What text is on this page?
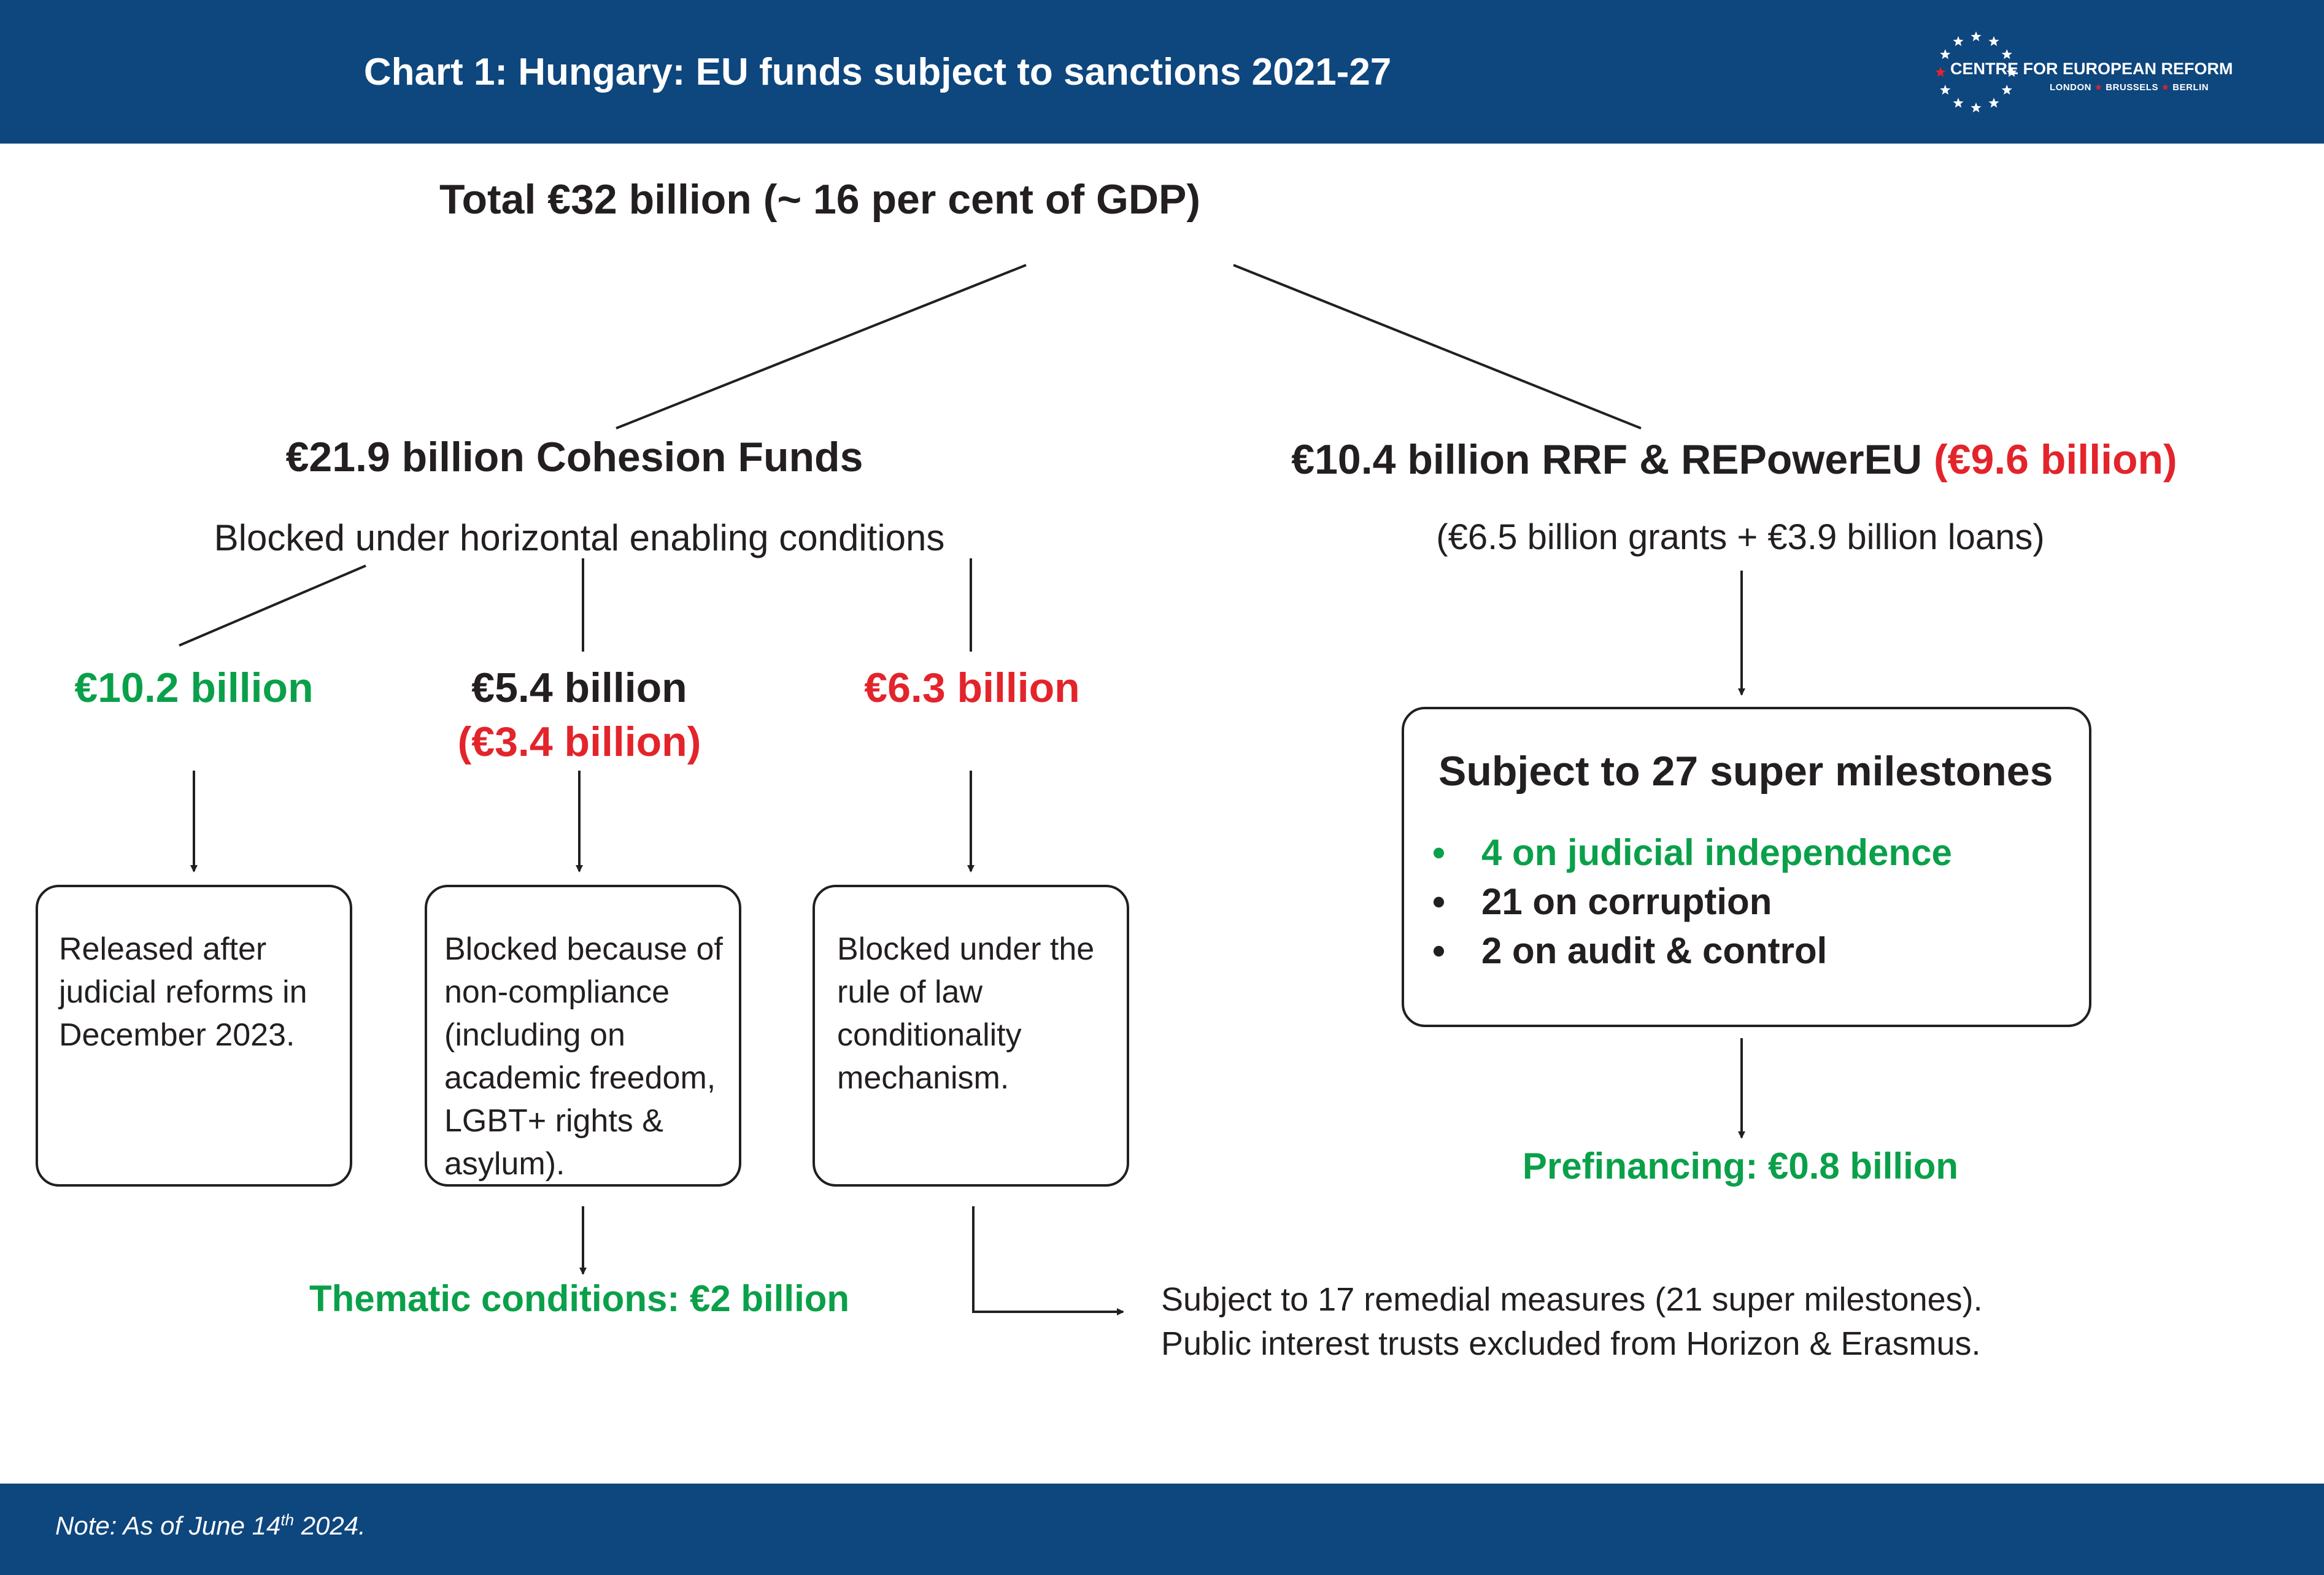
Chart 1: Hungary: EU funds subject to sanctions 2021-27	CENTRE FOR EUROPEAN REFORM
LONDON ★ BRUSSELS ★ BERLIN
Total €32 billion (~ 16 per cent of GDP)
€21.9 billion Cohesion Funds
Blocked under horizontal enabling conditions
€10.2 billion	€5.4 billion
(€3.4 billion)
€6.3 billion
Released after
judicial reforms in
December 2023.
Blocked because of
non-compliance
(including on
academic freedom,
LGBT+ rights &
asylum).
Blocked under the
rule of law
conditionality
mechanism.
Thematic conditions: €2 billion	Subject to 17 remedial measures (21 super milestones).
Public interest trusts excluded from Horizon & Erasmus.
€10.4 billion RRF & REPowerEU (€9.6 billion)
(€6.5 billion grants + €3.9 billion loans)
Subject to 27 super milestones
• 4 on judicial independence
• 21 on corruption
• 2 on audit & control
Prefinancing: €0.8 billion
Note: As of June 14th 2024.
